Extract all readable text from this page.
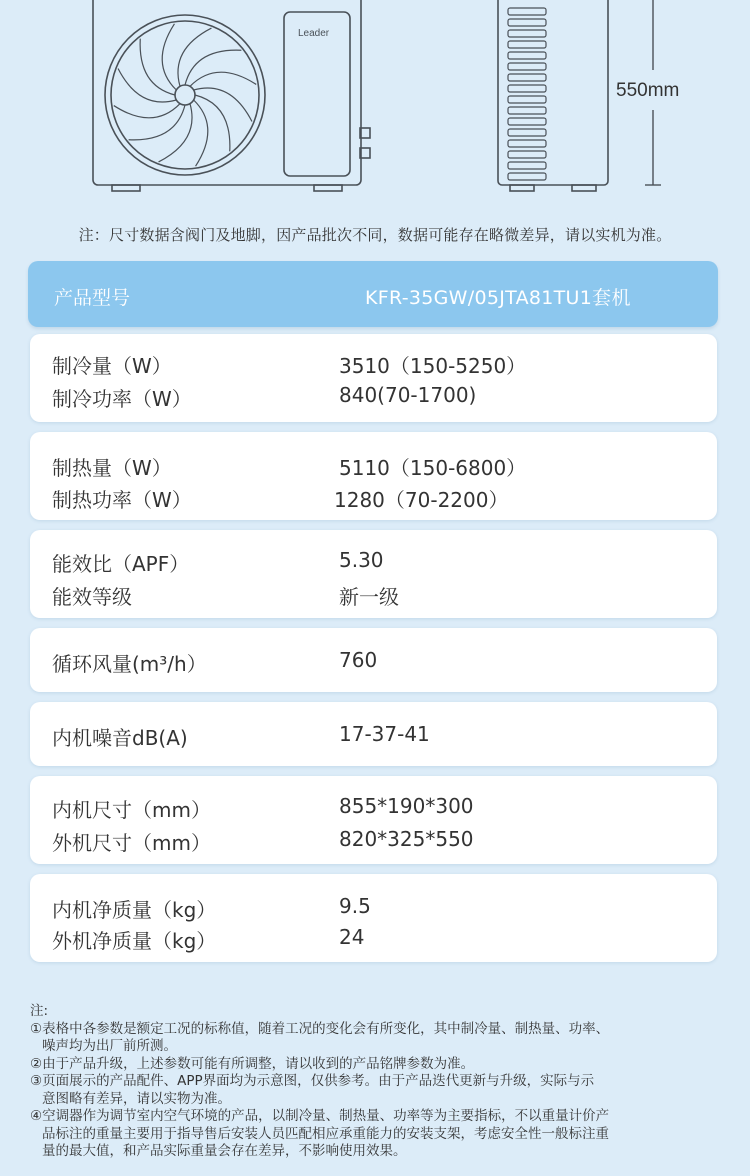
Leader
550mm
注：尺寸数据含阀门及地脚，因产品批次不同，数据可能存在略微差异，请以实机为准。
产品型号	KFR-35GW/05JTA81TU1套机
制冷量（W）	3510（150-5250）
制冷功率（W）	840(70-1700)
制热量（W）	5110（150-6800）
制热功率（W）	1280（70-2200）
能效比（APF）	5.30
能效等级	新一级
循环风量(m³/h）	760
内机噪音dB(A)	17-37-41
内机尺寸（mm）	855*190*300
外机尺寸（mm）	820*325*550
内机净质量（kg）	9.5
外机净质量（kg）	24
注:
①表格中各参数是额定工况的标称值，随着工况的变化会有所变化，其中制冷量、制热量、功率、
噪声均为出厂前所测。
②由于产品升级，上述参数可能有所调整，请以收到的产品铭牌参数为准。
③页面展示的产品配件、APP界面均为示意图，仅供参考。由于产品迭代更新与升级，实际与示
意图略有差异，请以实物为准。
④空调器作为调节室内空气环境的产品，以制冷量、制热量、功率等为主要指标，不以重量计价产
品标注的重量主要用于指导售后安装人员匹配相应承重能力的安装支架，考虑安全性一般标注重
量的最大值，和产品实际重量会存在差异，不影响使用效果。
